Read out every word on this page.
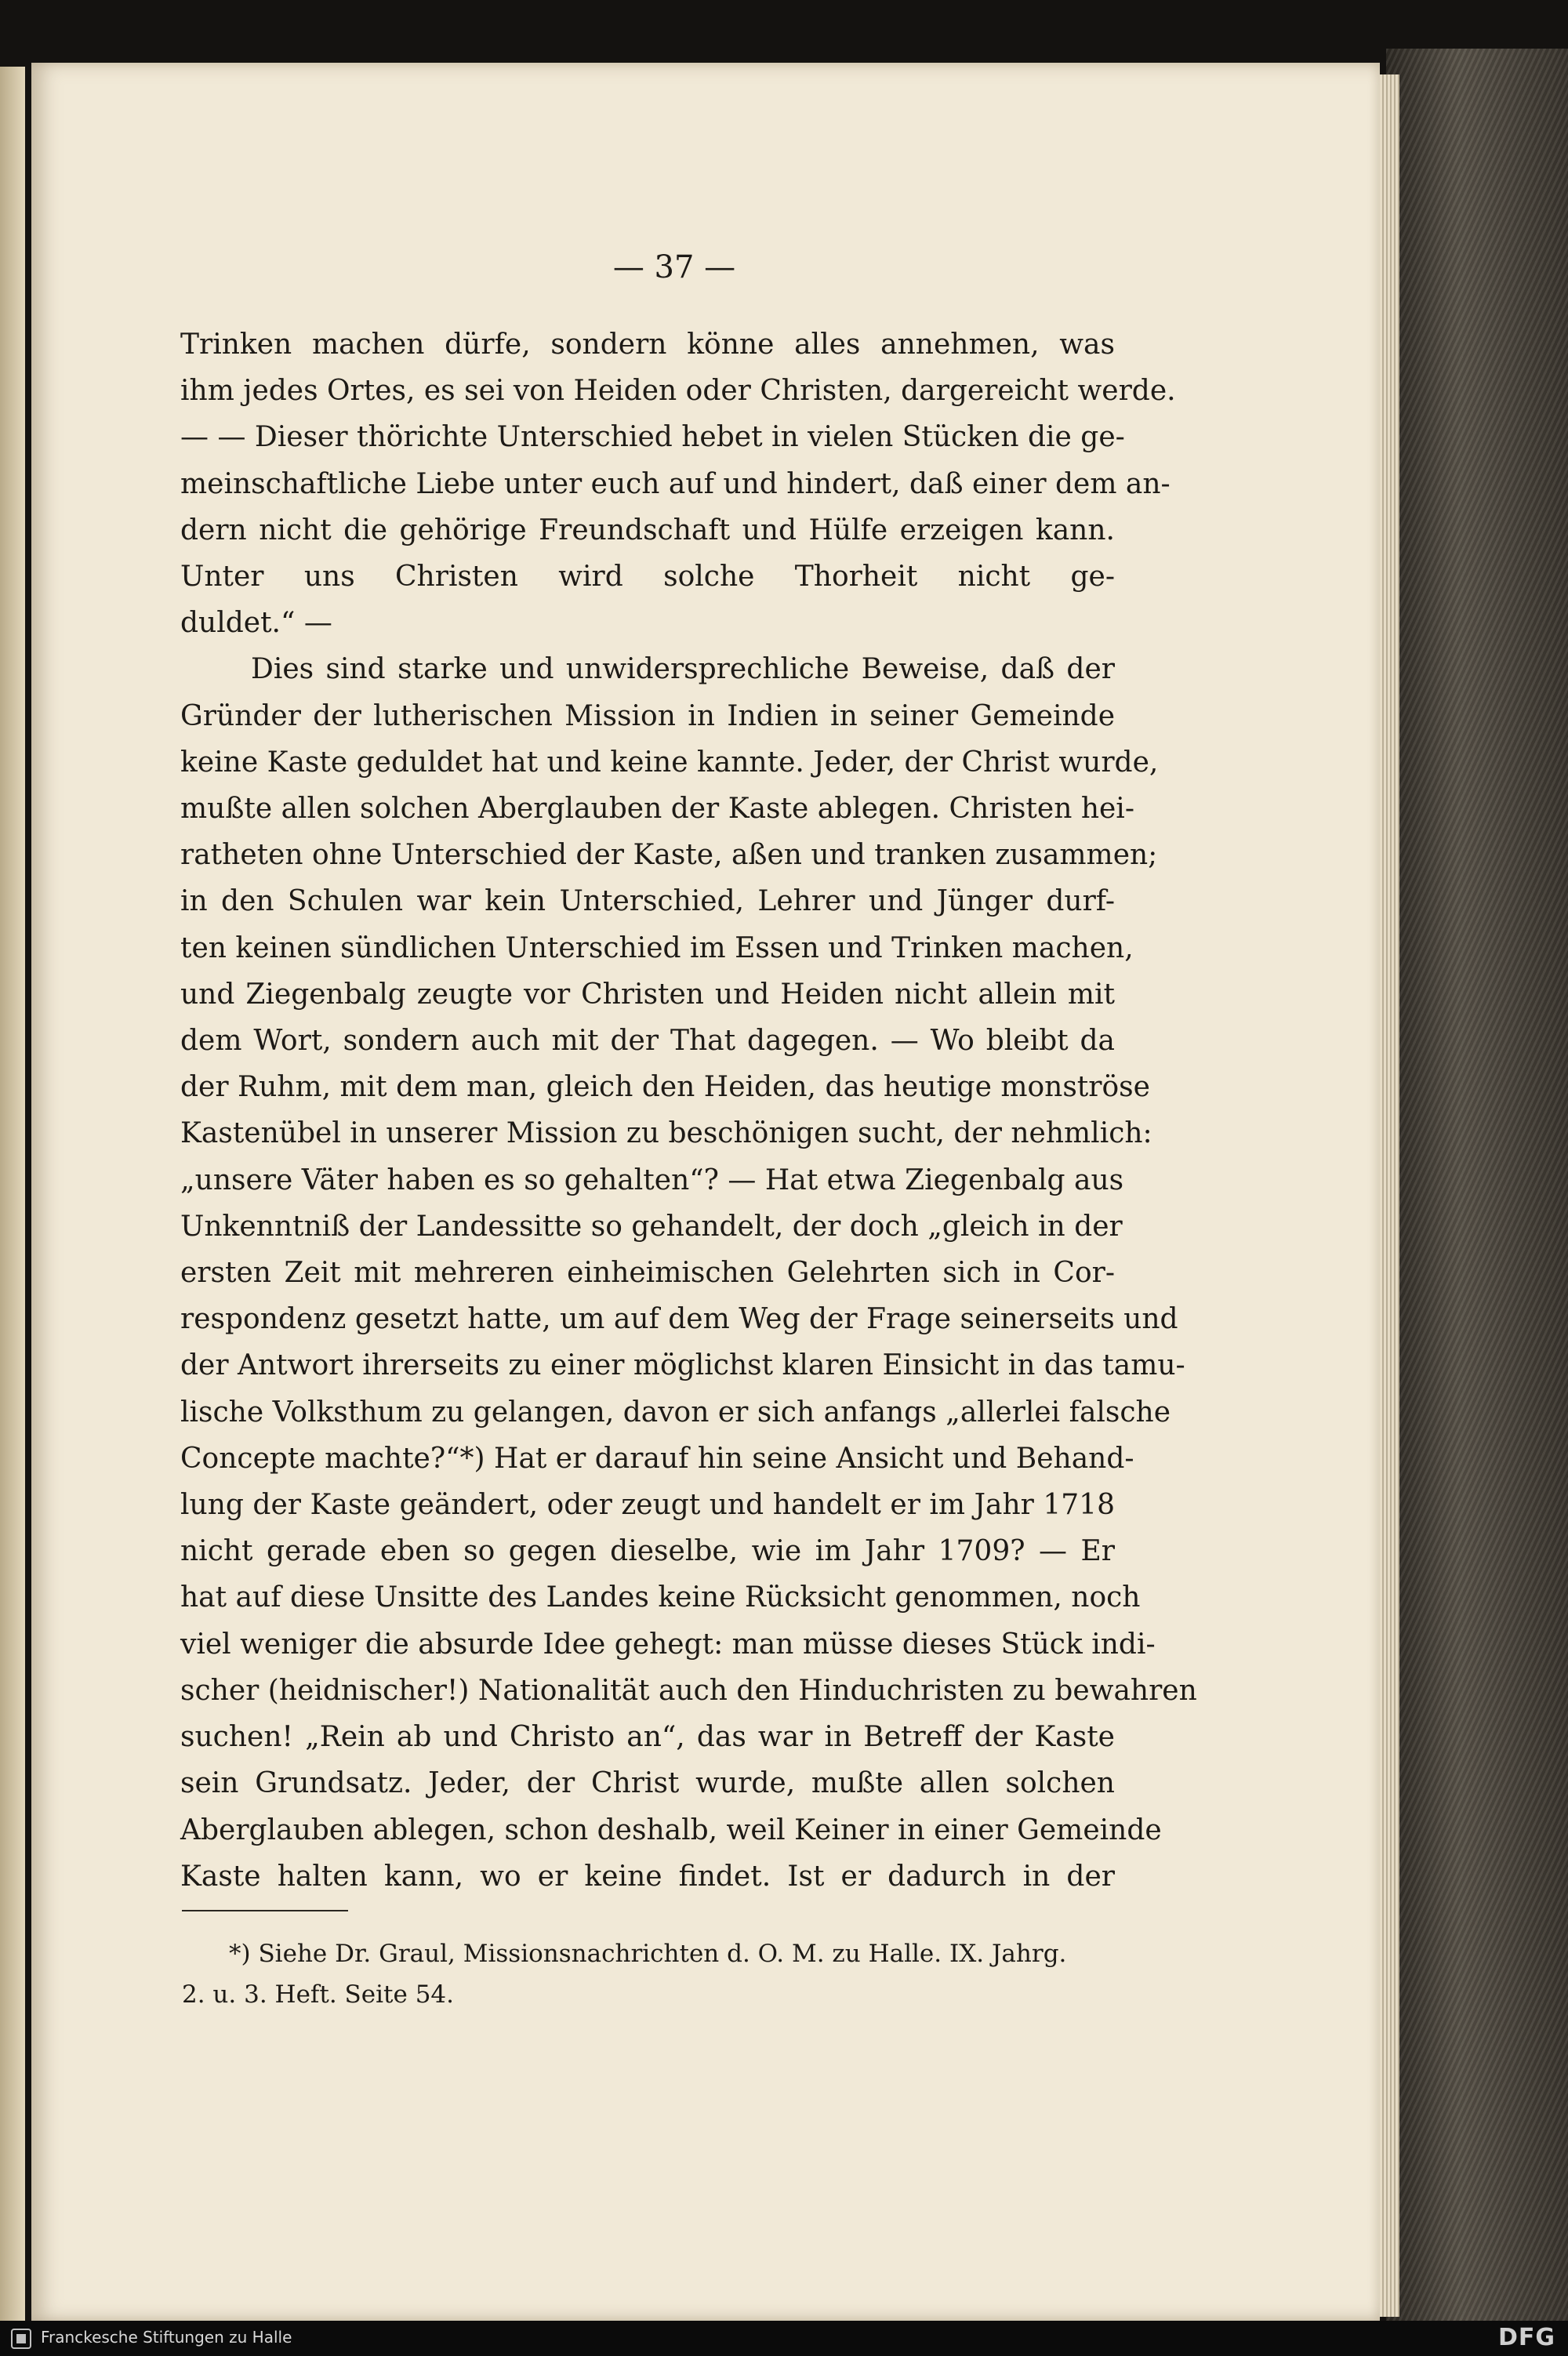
— 37 —
Trinken machen dürfe, sondern könne alles annehmen, was
ihm jedes Ortes, es sei von Heiden oder Christen, dargereicht werde.
— — Dieser thörichte Unterschied hebet in vielen Stücken die ge-
meinschaftliche Liebe unter euch auf und hindert, daß einer dem an-
dern nicht die gehörige Freundschaft und Hülfe erzeigen kann.
Unter uns Christen wird solche Thorheit nicht ge-
duldet.“ —
Dies sind starke und unwidersprechliche Beweise, daß der
Gründer der lutherischen Mission in Indien in seiner Gemeinde
keine Kaste geduldet hat und keine kannte. Jeder, der Christ wurde,
mußte allen solchen Aberglauben der Kaste ablegen. Christen hei-
ratheten ohne Unterschied der Kaste, aßen und tranken zusammen;
in den Schulen war kein Unterschied, Lehrer und Jünger durf-
ten keinen sündlichen Unterschied im Essen und Trinken machen,
und Ziegenbalg zeugte vor Christen und Heiden nicht allein mit
dem Wort, sondern auch mit der That dagegen. — Wo bleibt da
der Ruhm, mit dem man, gleich den Heiden, das heutige monströse
Kastenübel in unserer Mission zu beschönigen sucht, der nehmlich:
„unsere Väter haben es so gehalten“? — Hat etwa Ziegenbalg aus
Unkenntniß der Landessitte so gehandelt, der doch „gleich in der
ersten Zeit mit mehreren einheimischen Gelehrten sich in Cor-
respondenz gesetzt hatte, um auf dem Weg der Frage seinerseits und
der Antwort ihrerseits zu einer möglichst klaren Einsicht in das tamu-
lische Volksthum zu gelangen, davon er sich anfangs „allerlei falsche
Concepte machte?“*) Hat er darauf hin seine Ansicht und Behand-
lung der Kaste geändert, oder zeugt und handelt er im Jahr 1718
nicht gerade eben so gegen dieselbe, wie im Jahr 1709? — Er
hat auf diese Unsitte des Landes keine Rücksicht genommen, noch
viel weniger die absurde Idee gehegt: man müsse dieses Stück indi-
scher (heidnischer!) Nationalität auch den Hinduchristen zu bewahren
suchen! „Rein ab und Christo an“, das war in Betreff der Kaste
sein Grundsatz. Jeder, der Christ wurde, mußte allen solchen
Aberglauben ablegen, schon deshalb, weil Keiner in einer Gemeinde
Kaste halten kann, wo er keine findet. Ist er dadurch in der
*) Siehe Dr. Graul, Missionsnachrichten d. O. M. zu Halle. IX. Jahrg.
2. u. 3. Heft. Seite 54.
Franckesche Stiftungen zu Halle	DFG
